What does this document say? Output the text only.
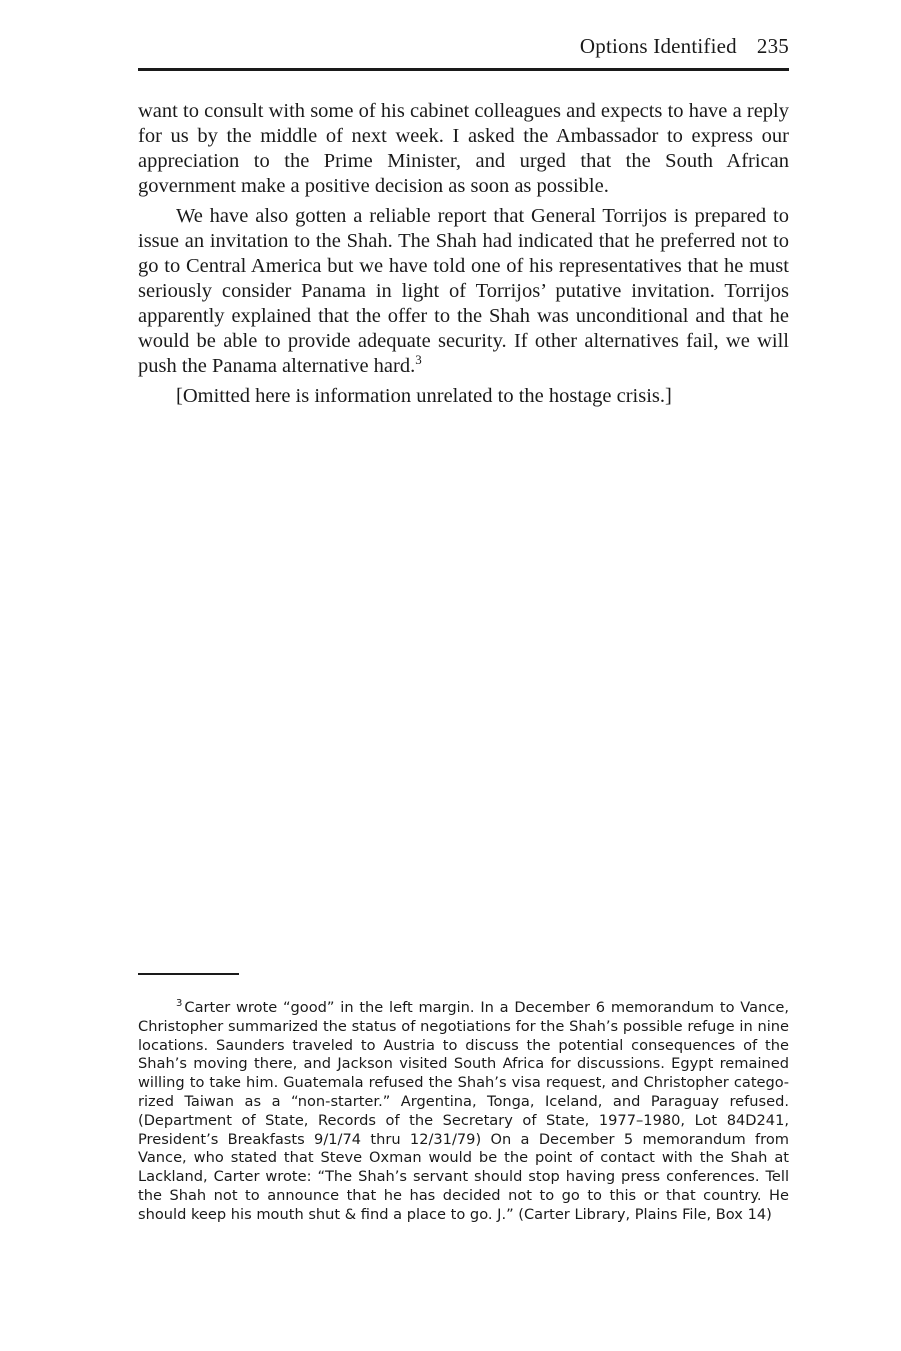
Options Identified 235

want to consult with some of his cabinet colleagues and expects to have a reply for us by the middle of next week. I asked the Ambassador to express our appreciation to the Prime Minister, and urged that the South African government make a positive decision as soon as possible.

We have also gotten a reliable report that General Torrijos is prepared to issue an invitation to the Shah. The Shah had indicated that he preferred not to go to Central America but we have told one of his representatives that he must seriously consider Panama in light of Torrijos’ putative invitation. Torrijos apparently explained that the offer to the Shah was unconditional and that he would be able to provide adequate security. If other alternatives fail, we will push the Panama alternative hard.$^3$

[Omitted here is information unrelated to the hostage crisis.]

$^3$ Carter wrote “good” in the left margin. In a December 6 memorandum to Vance, Christopher summarized the status of negotiations for the Shah’s possible refuge in nine locations. Saunders traveled to Austria to discuss the potential consequences of the Shah’s moving there, and Jackson visited South Africa for discussions. Egypt remained willing to take him. Guatemala refused the Shah’s visa request, and Christopher categorized Taiwan as a “non-starter.” Argentina, Tonga, Iceland, and Paraguay refused. (Department of State, Records of the Secretary of State, 1977–1980, Lot 84D241, President’s Breakfasts 9/1/74 thru 12/31/79) On a December 5 memorandum from Vance, who stated that Steve Oxman would be the point of contact with the Shah at Lackland, Carter wrote: “The Shah’s servant should stop having press conferences. Tell the Shah not to announce that he has decided not to go to this or that country. He should keep his mouth shut & find a place to go. J.” (Carter Library, Plains File, Box 14)
